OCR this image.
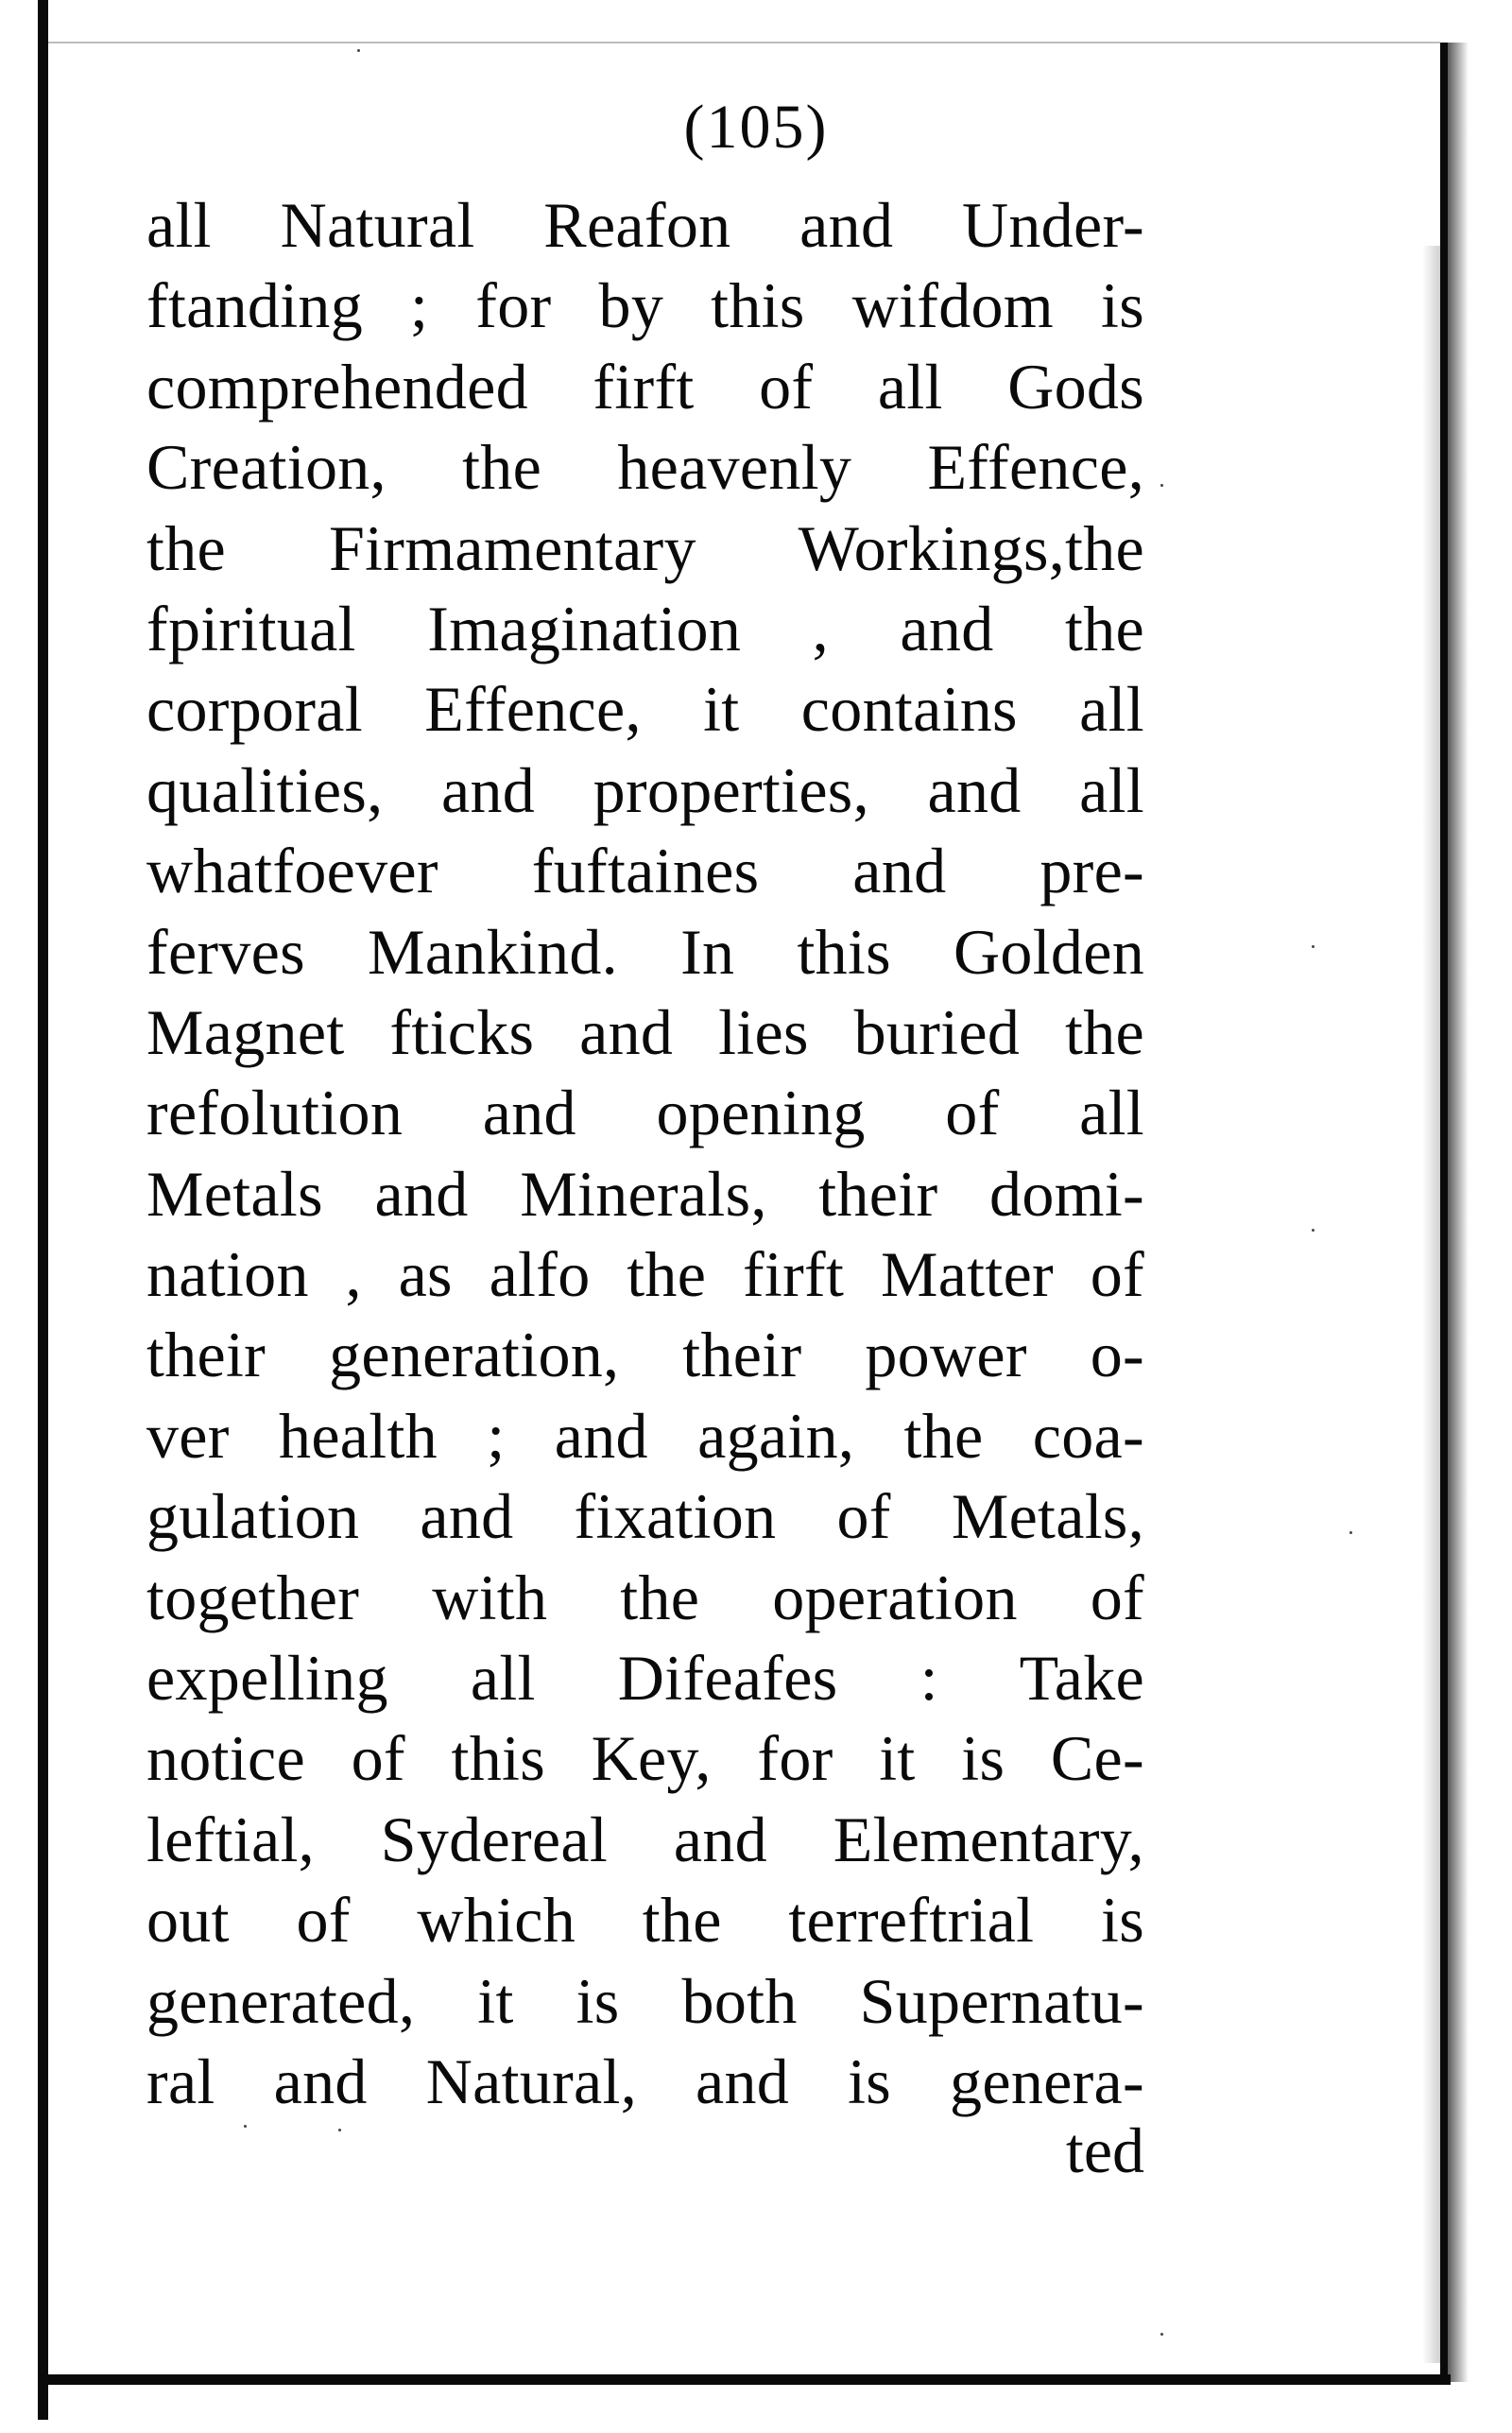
(105)
all Natural Reafon and Under-
ftanding ; for by this wifdom is
comprehended firft of all Gods
Creation, the heavenly Effence,
the Firmamentary Workings,the
fpiritual Imagination , and the
corporal Effence, it contains all
qualities, and properties, and all
whatfoever fuftaines and pre-
ferves Mankind. In this Golden
Magnet fticks and lies buried the
refolution and opening of all
Metals and Minerals, their domi-
nation , as alfo the firft Matter of
their generation, their power o-
ver health ; and again, the coa-
gulation and fixation of Metals,
together with the operation of
expelling all Difeafes : Take
notice of this Key, for it is Ce-
leftial, Sydereal and Elementary,
out of which the terreftrial is
generated, it is both Supernatu-
ral and Natural, and is genera-
ted
